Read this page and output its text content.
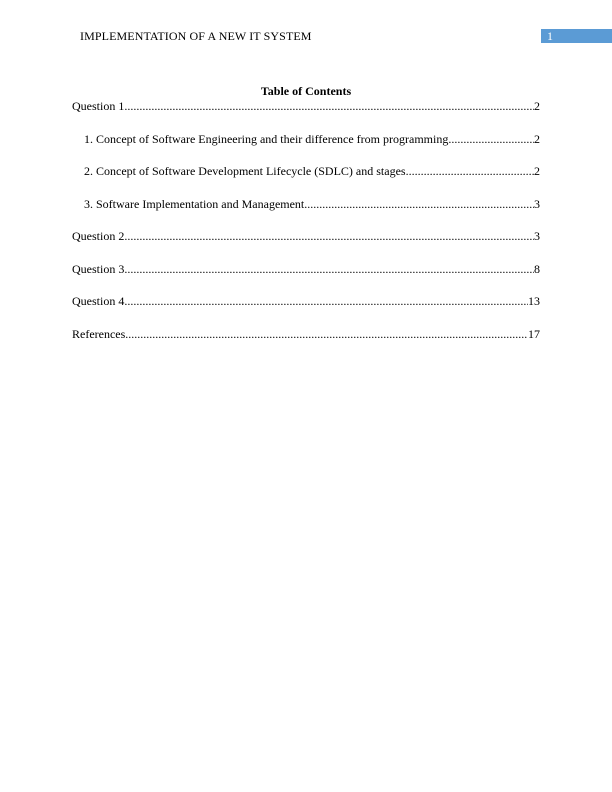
IMPLEMENTATION OF A NEW IT SYSTEM	1
Table of Contents
Question 1 .....	2
1. Concept of Software Engineering and their difference from programming .....	2
2. Concept of Software Development Lifecycle (SDLC) and stages .....	2
3. Software Implementation and Management .....	3
Question 2 .....	3
Question 3 .....	8
Question 4 .....	13
References .....	17
